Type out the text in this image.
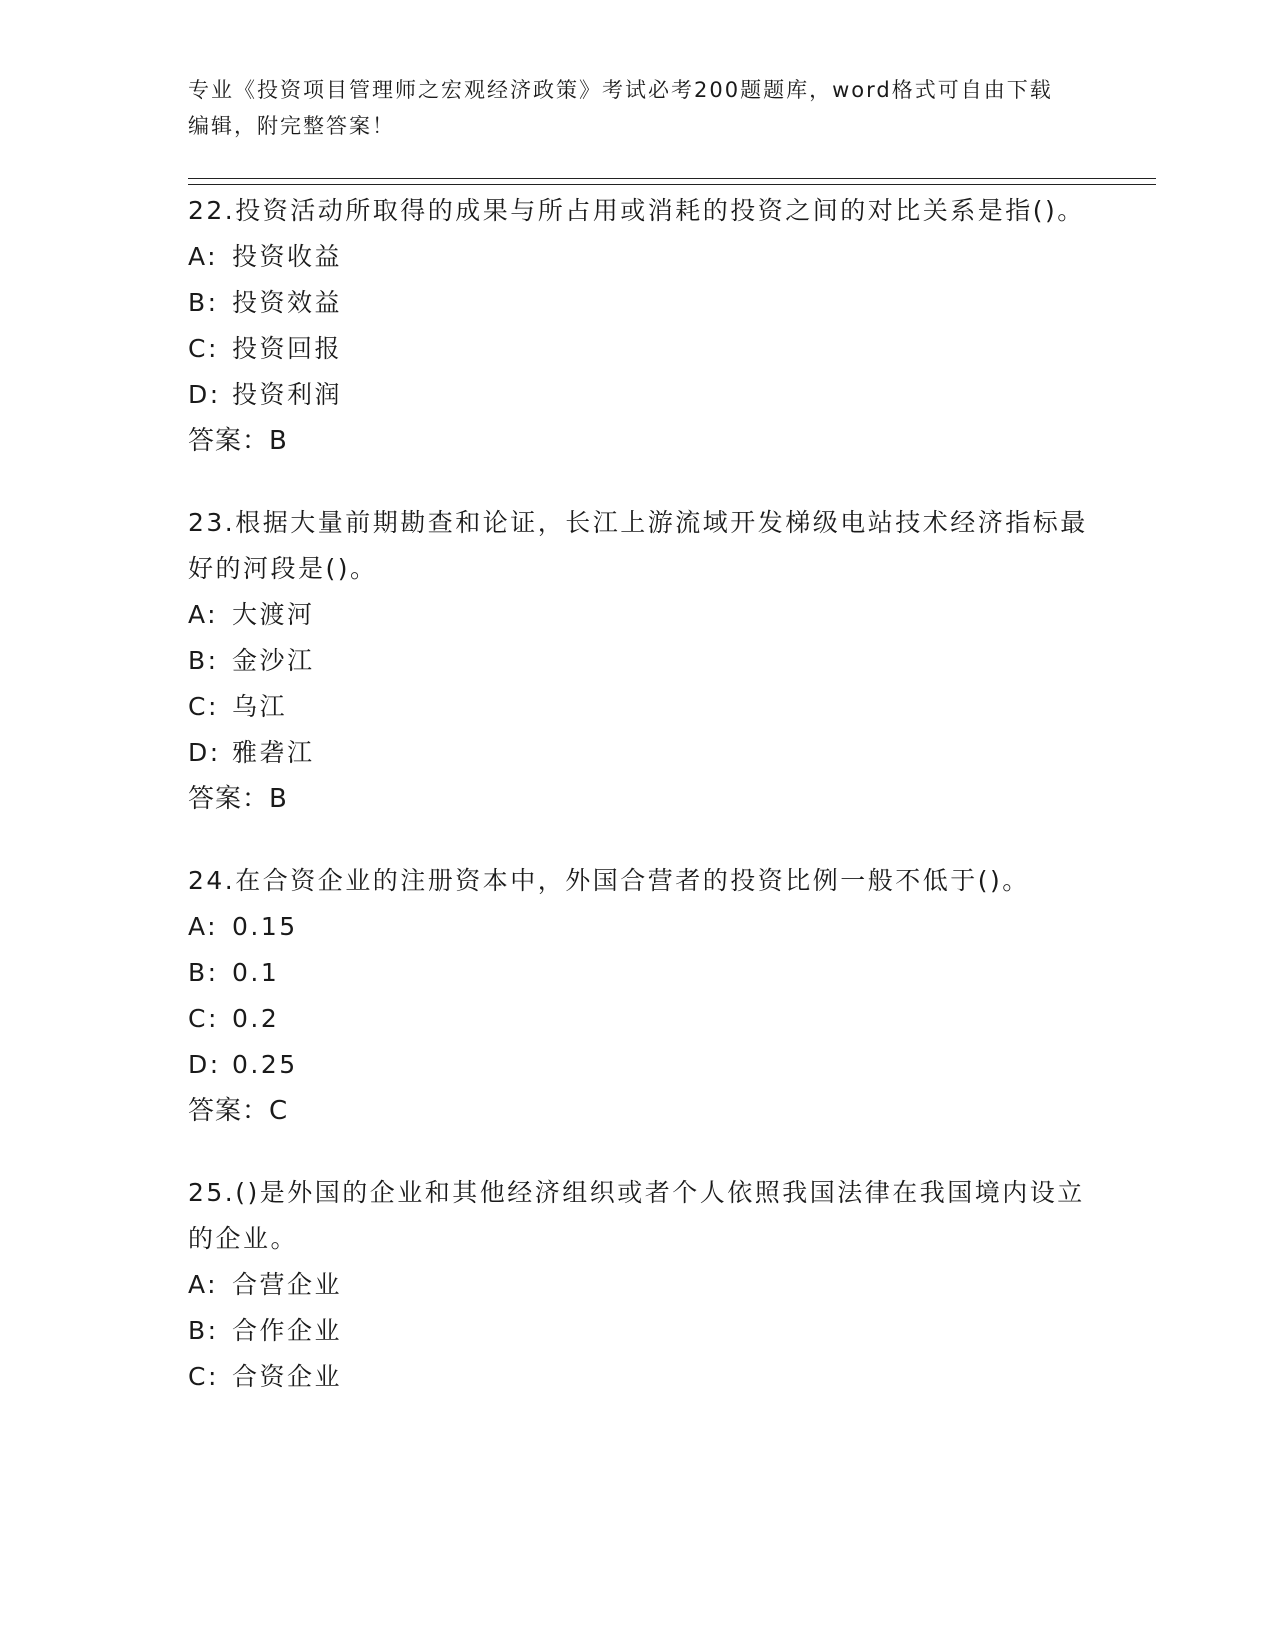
专业《投资项目管理师之宏观经济政策》考试必考200题题库，word格式可自由下载编辑，附完整答案！

22.投资活动所取得的成果与所占用或消耗的投资之间的对比关系是指()。

A: 投资收益

B: 投资效益

C: 投资回报

D: 投资利润

答案：B

23.根据大量前期勘查和论证，长江上游流域开发梯级电站技术经济指标最好的河段是()。

A: 大渡河

B: 金沙江

C: 乌江

D: 雅砻江

答案：B

24.在合资企业的注册资本中，外国合营者的投资比例一般不低于()。

A: 0.15

B: 0.1

C: 0.2

D: 0.25

答案：C

25.()是外国的企业和其他经济组织或者个人依照我国法律在我国境内设立的企业。

A: 合营企业

B: 合作企业

C: 合资企业
